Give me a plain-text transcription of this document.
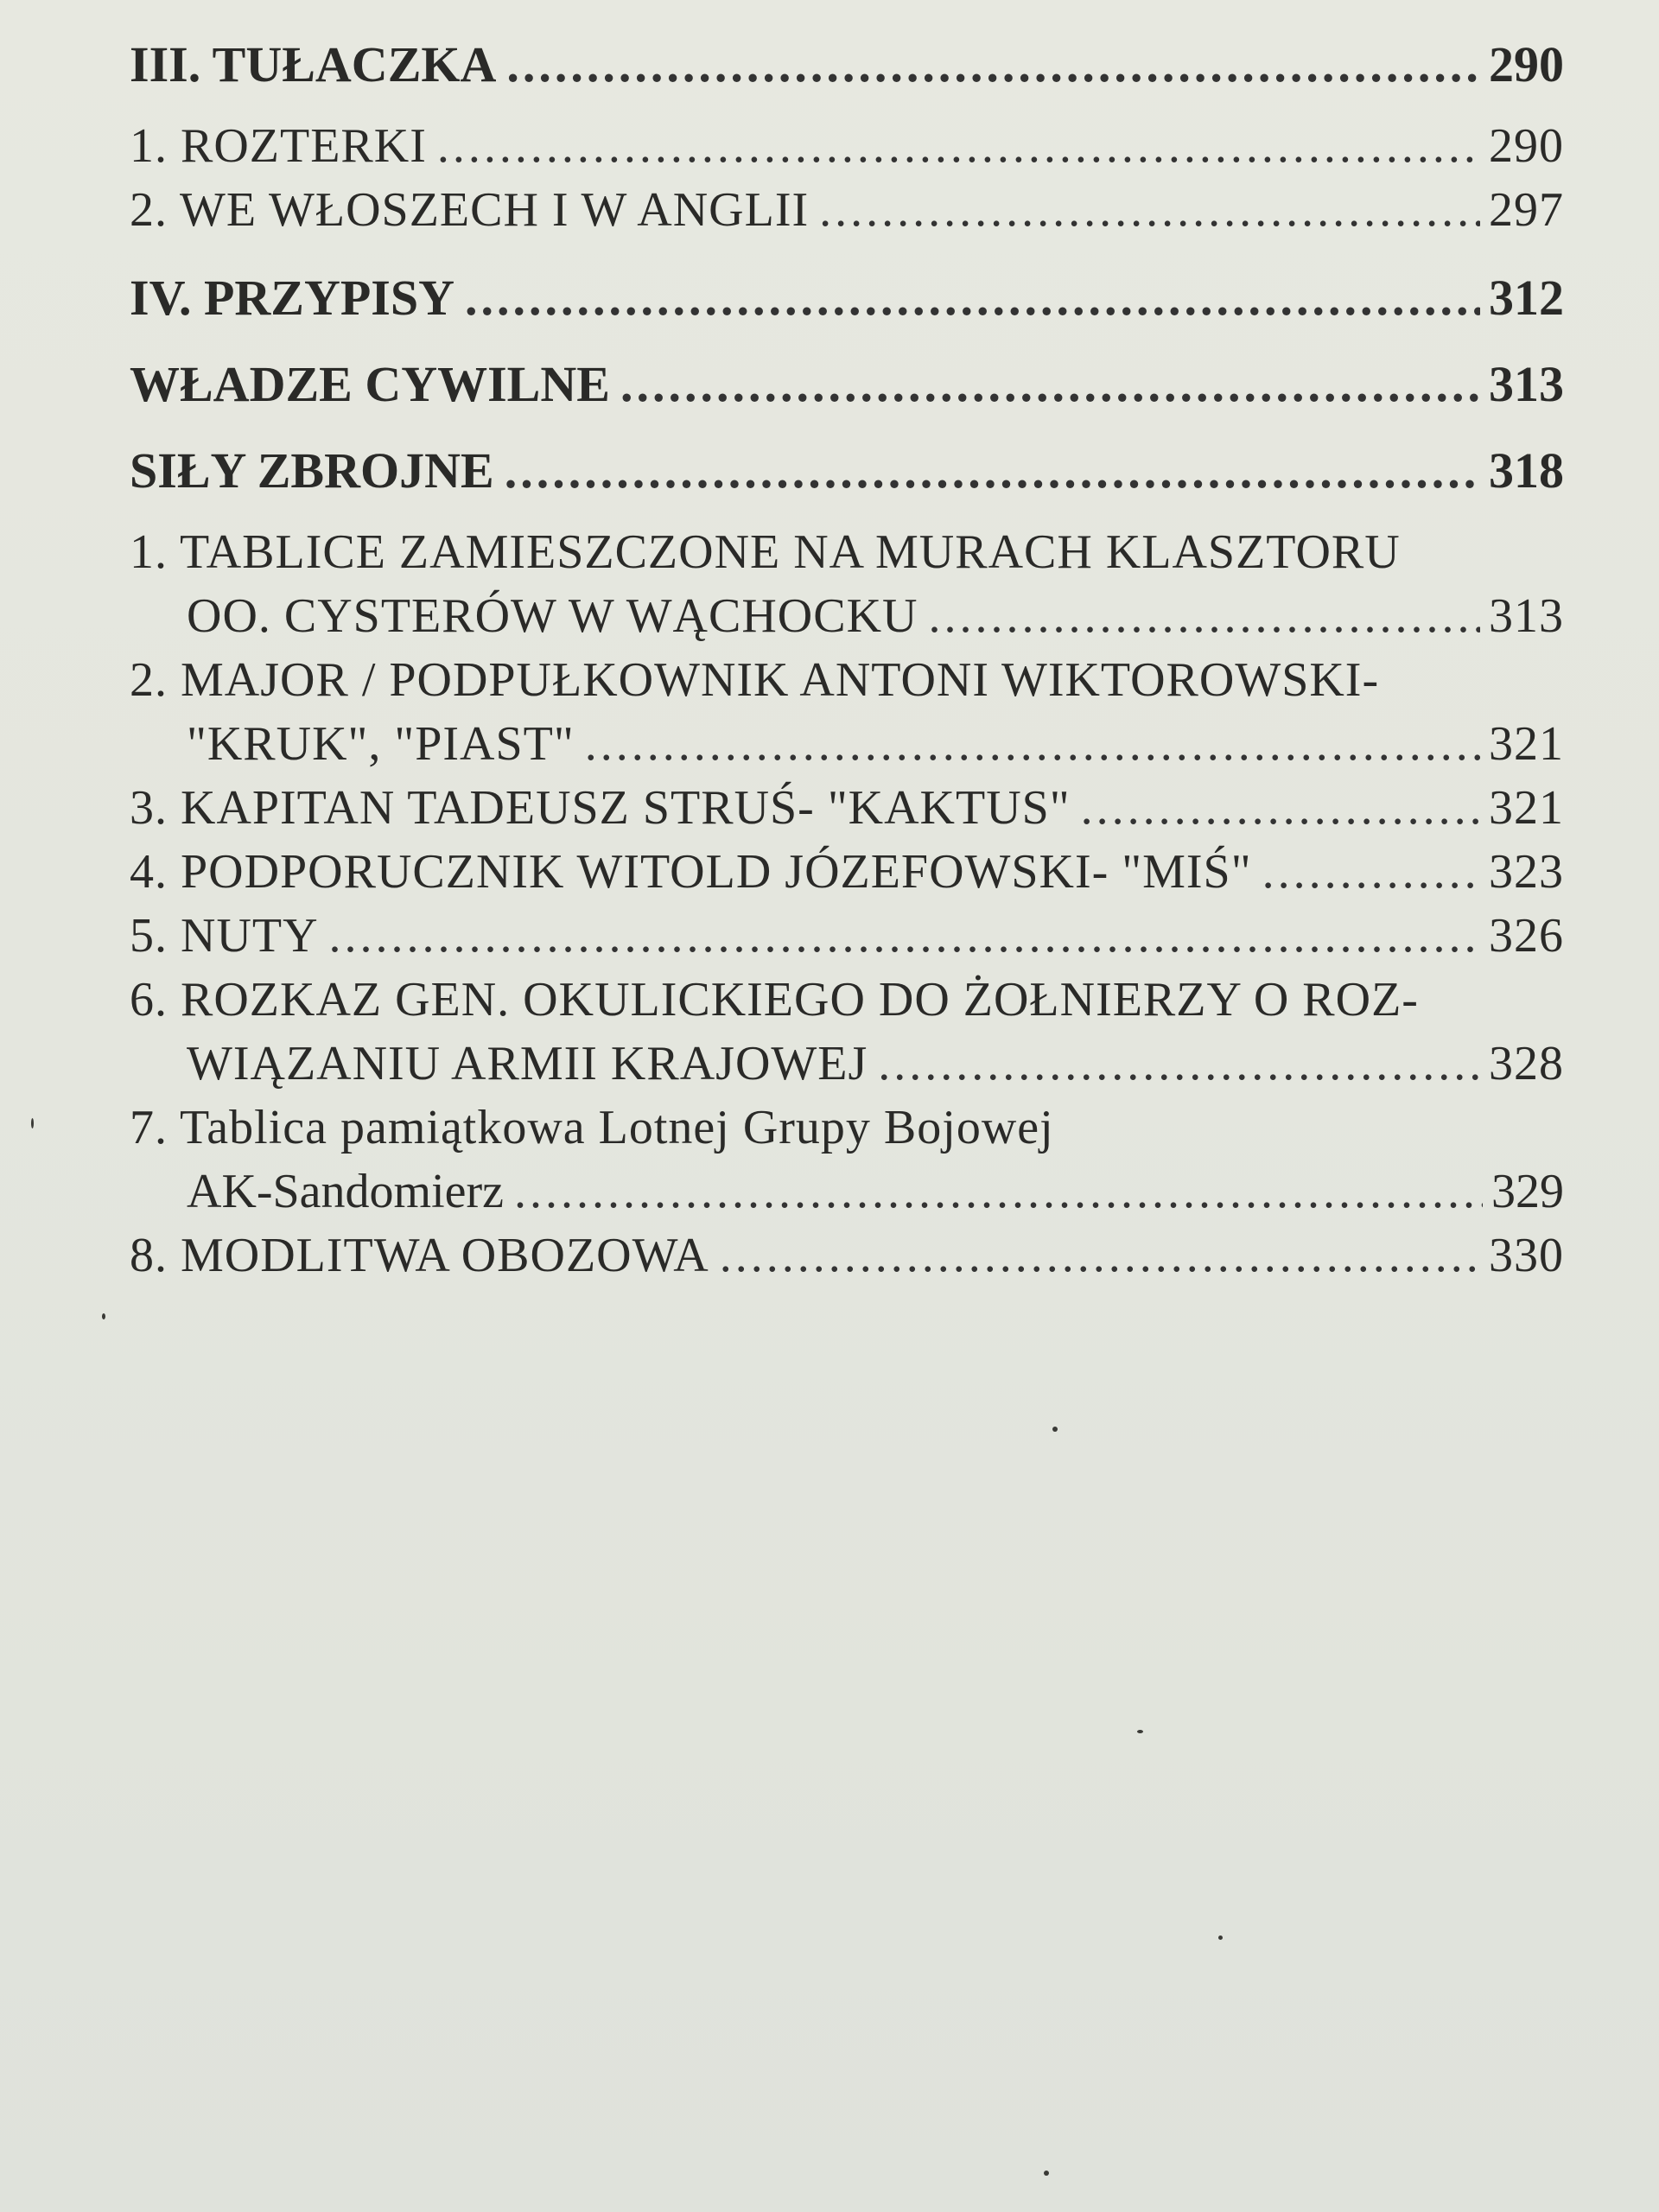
III. TUŁACZKA .....	290
1. ROZTERKI .....	290
2. WE WŁOSZECH I W ANGLII .....	297
IV. PRZYPISY .....	312
WŁADZE CYWILNE .....	313
SIŁY ZBROJNE .....	318
1. TABLICE ZAMIESZCZONE NA MURACH KLASZTORU
OO. CYSTERÓW W WĄCHOCKU .....	313
2. MAJOR / PODPUŁKOWNIK ANTONI WIKTOROWSKI-
"KRUK", "PIAST" .....	321
3. KAPITAN TADEUSZ STRUŚ- "KAKTUS" .....	321
4. PODPORUCZNIK WITOLD JÓZEFOWSKI- "MIŚ" .....	323
5. NUTY .....	326
6. ROZKAZ GEN. OKULICKIEGO DO ŻOŁNIERZY O ROZ-
WIĄZANIU ARMII KRAJOWEJ .....	328
7. Tablica pamiątkowa Lotnej Grupy Bojowej
AK-Sandomierz .....	329
8. MODLITWA OBOZOWA .....	330
